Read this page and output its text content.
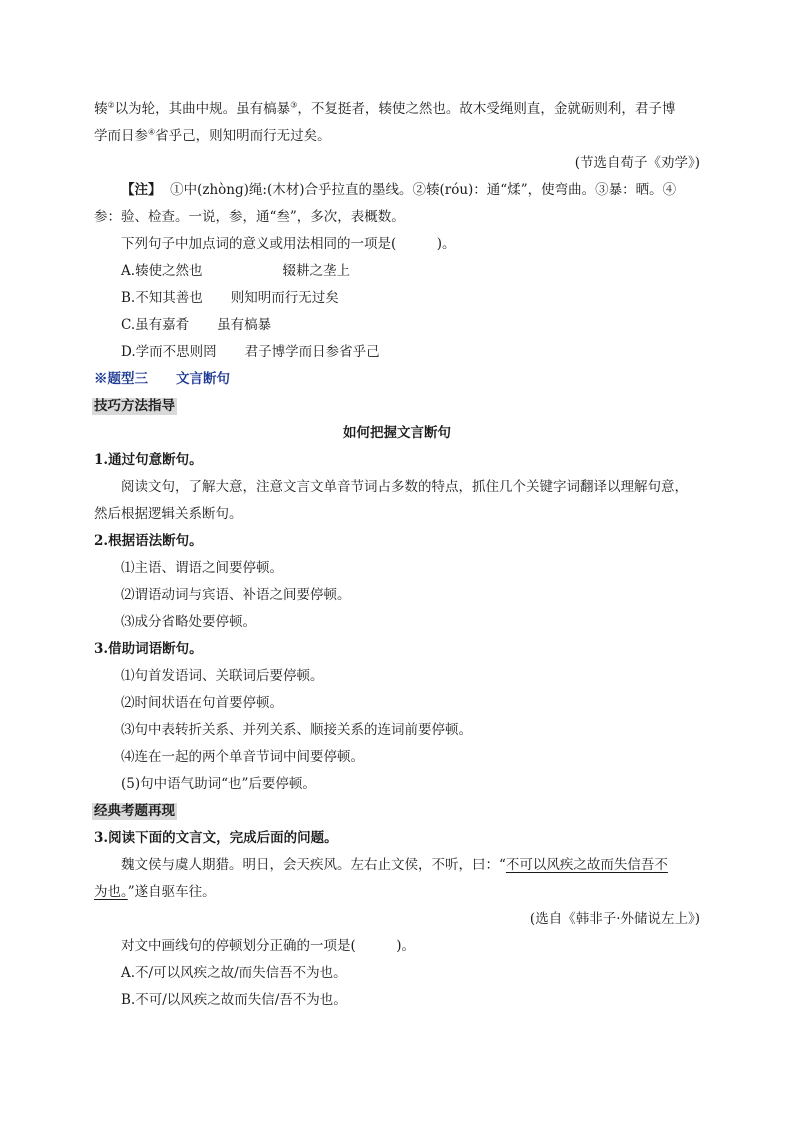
辏②以为轮，其曲中规。虽有槁暴③，不复挺者，辏使之然也。故木受绳则直，金就砺则利，君子博
学而日参④省乎己，则知明而行无过矣。
(节选自荀子《劝学》)
【注】 ①中(zhònɡ)绳:(木材)合乎拉直的墨线。②辏(róu)：通“煣”，使弯曲。③暴：晒。④
参：验、检查。一说，参，通“叁”，多次，表概数。
下列句子中加点词的意义或用法相同的一项是(　　　)。
A.辏使之然也	辍耕之垄上
B.不知其善也 则知明而行无过矣
C.虽有嘉肴 虽有槁暴
D.学而不思则罔 君子博学而日参省乎己
※题型三 文言断句
技巧方法指导
如何把握文言断句
1.通过句意断句。
阅读文句，了解大意，注意文言文单音节词占多数的特点，抓住几个关键字词翻译以理解句意，
然后根据逻辑关系断句。
2.根据语法断句。
⑴主语、谓语之间要停顿。
⑵谓语动词与宾语、补语之间要停顿。
⑶成分省略处要停顿。
3.借助词语断句。
⑴句首发语词、关联词后要停顿。
⑵时间状语在句首要停顿。
⑶句中表转折关系、并列关系、顺接关系的连词前要停顿。
⑷连在一起的两个单音节词中间要停顿。
(5)句中语气助词“也”后要停顿。
经典考题再现
3.阅读下面的文言文，完成后面的问题。
魏文侯与虞人期猎。明日，会天疾风。左右止文侯，不听，曰：“不可以风疾之故而失信吾不
为也。”遂自驱车往。
(选自《韩非子·外储说左上》)
对文中画线句的停顿划分正确的一项是(　　　)。
A.不/可以风疾之故/而失信吾不为也。
B.不可/以风疾之故而失信/吾不为也。
